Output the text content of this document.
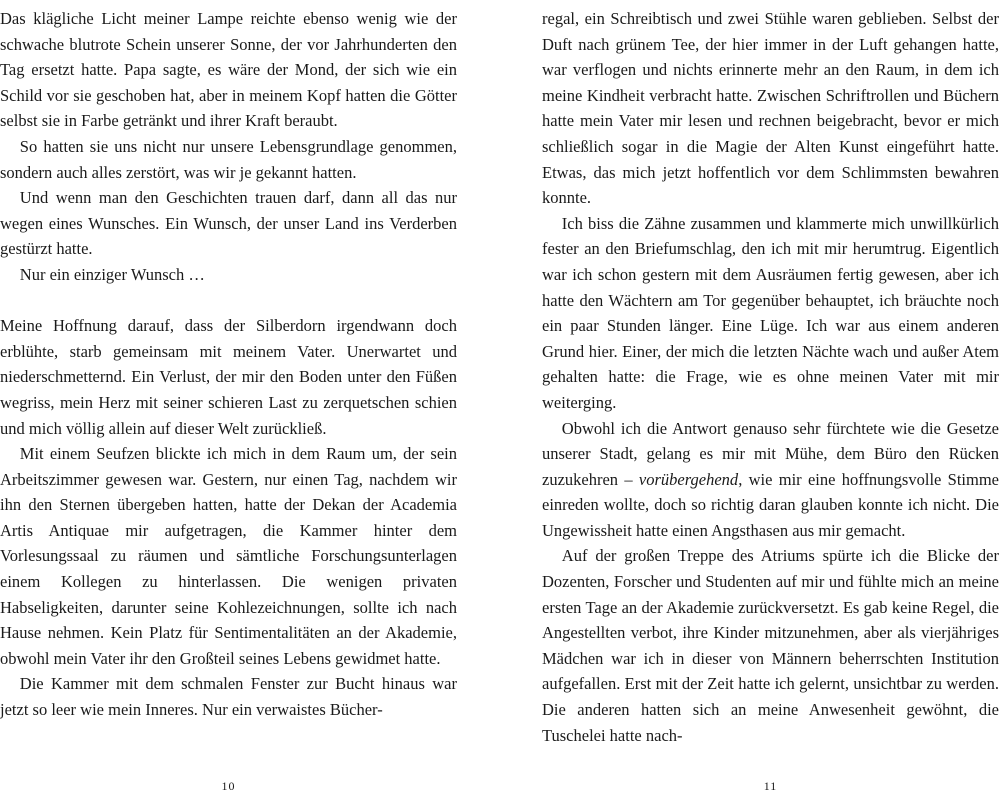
Das klägliche Licht meiner Lampe reichte ebenso wenig wie der schwache blutrote Schein unserer Sonne, der vor Jahrhunderten den Tag ersetzt hatte. Papa sagte, es wäre der Mond, der sich wie ein Schild vor sie geschoben hat, aber in meinem Kopf hatten die Götter selbst sie in Farbe getränkt und ihrer Kraft beraubt.

So hatten sie uns nicht nur unsere Lebensgrundlage genommen, sondern auch alles zerstört, was wir je gekannt hatten.

Und wenn man den Geschichten trauen darf, dann all das nur wegen eines Wunsches. Ein Wunsch, der unser Land ins Verderben gestürzt hatte.

Nur ein einziger Wunsch …

Meine Hoffnung darauf, dass der Silberdorn irgendwann doch erblühte, starb gemeinsam mit meinem Vater. Unerwartet und niederschmetternd. Ein Verlust, der mir den Boden unter den Füßen wegriss, mein Herz mit seiner schieren Last zu zerquetschen schien und mich völlig allein auf dieser Welt zurückließ.

Mit einem Seufzen blickte ich mich in dem Raum um, der sein Arbeitszimmer gewesen war. Gestern, nur einen Tag, nachdem wir ihn den Sternen übergeben hatten, hatte der Dekan der Academia Artis Antiquae mir aufgetragen, die Kammer hinter dem Vorlesungssaal zu räumen und sämtliche Forschungsunterlagen einem Kollegen zu hinterlassen. Die wenigen privaten Habseligkeiten, darunter seine Kohlezeichnungen, sollte ich nach Hause nehmen. Kein Platz für Sentimentalitäten an der Akademie, obwohl mein Vater ihr den Großteil seines Lebens gewidmet hatte.

Die Kammer mit dem schmalen Fenster zur Bucht hinaus war jetzt so leer wie mein Inneres. Nur ein verwaistes Bücher-

10

regal, ein Schreibtisch und zwei Stühle waren geblieben. Selbst der Duft nach grünem Tee, der hier immer in der Luft gehangen hatte, war verflogen und nichts erinnerte mehr an den Raum, in dem ich meine Kindheit verbracht hatte. Zwischen Schriftrollen und Büchern hatte mein Vater mir lesen und rechnen beigebracht, bevor er mich schließlich sogar in die Magie der Alten Kunst eingeführt hatte. Etwas, das mich jetzt hoffentlich vor dem Schlimmsten bewahren konnte.

Ich biss die Zähne zusammen und klammerte mich unwillkürlich fester an den Briefumschlag, den ich mit mir herumtrug. Eigentlich war ich schon gestern mit dem Ausräumen fertig gewesen, aber ich hatte den Wächtern am Tor gegenüber behauptet, ich bräuchte noch ein paar Stunden länger. Eine Lüge. Ich war aus einem anderen Grund hier. Einer, der mich die letzten Nächte wach und außer Atem gehalten hatte: die Frage, wie es ohne meinen Vater mit mir weiterging.

Obwohl ich die Antwort genauso sehr fürchtete wie die Gesetze unserer Stadt, gelang es mir mit Mühe, dem Büro den Rücken zuzukehren – vorübergehend, wie mir eine hoffnungsvolle Stimme einreden wollte, doch so richtig daran glauben konnte ich nicht. Die Ungewissheit hatte einen Angsthasen aus mir gemacht.

Auf der großen Treppe des Atriums spürte ich die Blicke der Dozenten, Forscher und Studenten auf mir und fühlte mich an meine ersten Tage an der Akademie zurückversetzt. Es gab keine Regel, die Angestellten verbot, ihre Kinder mitzunehmen, aber als vierjähriges Mädchen war ich in dieser von Männern beherrschten Institution aufgefallen. Erst mit der Zeit hatte ich gelernt, unsichtbar zu werden. Die anderen hatten sich an meine Anwesenheit gewöhnt, die Tuschelei hatte nach-

11
